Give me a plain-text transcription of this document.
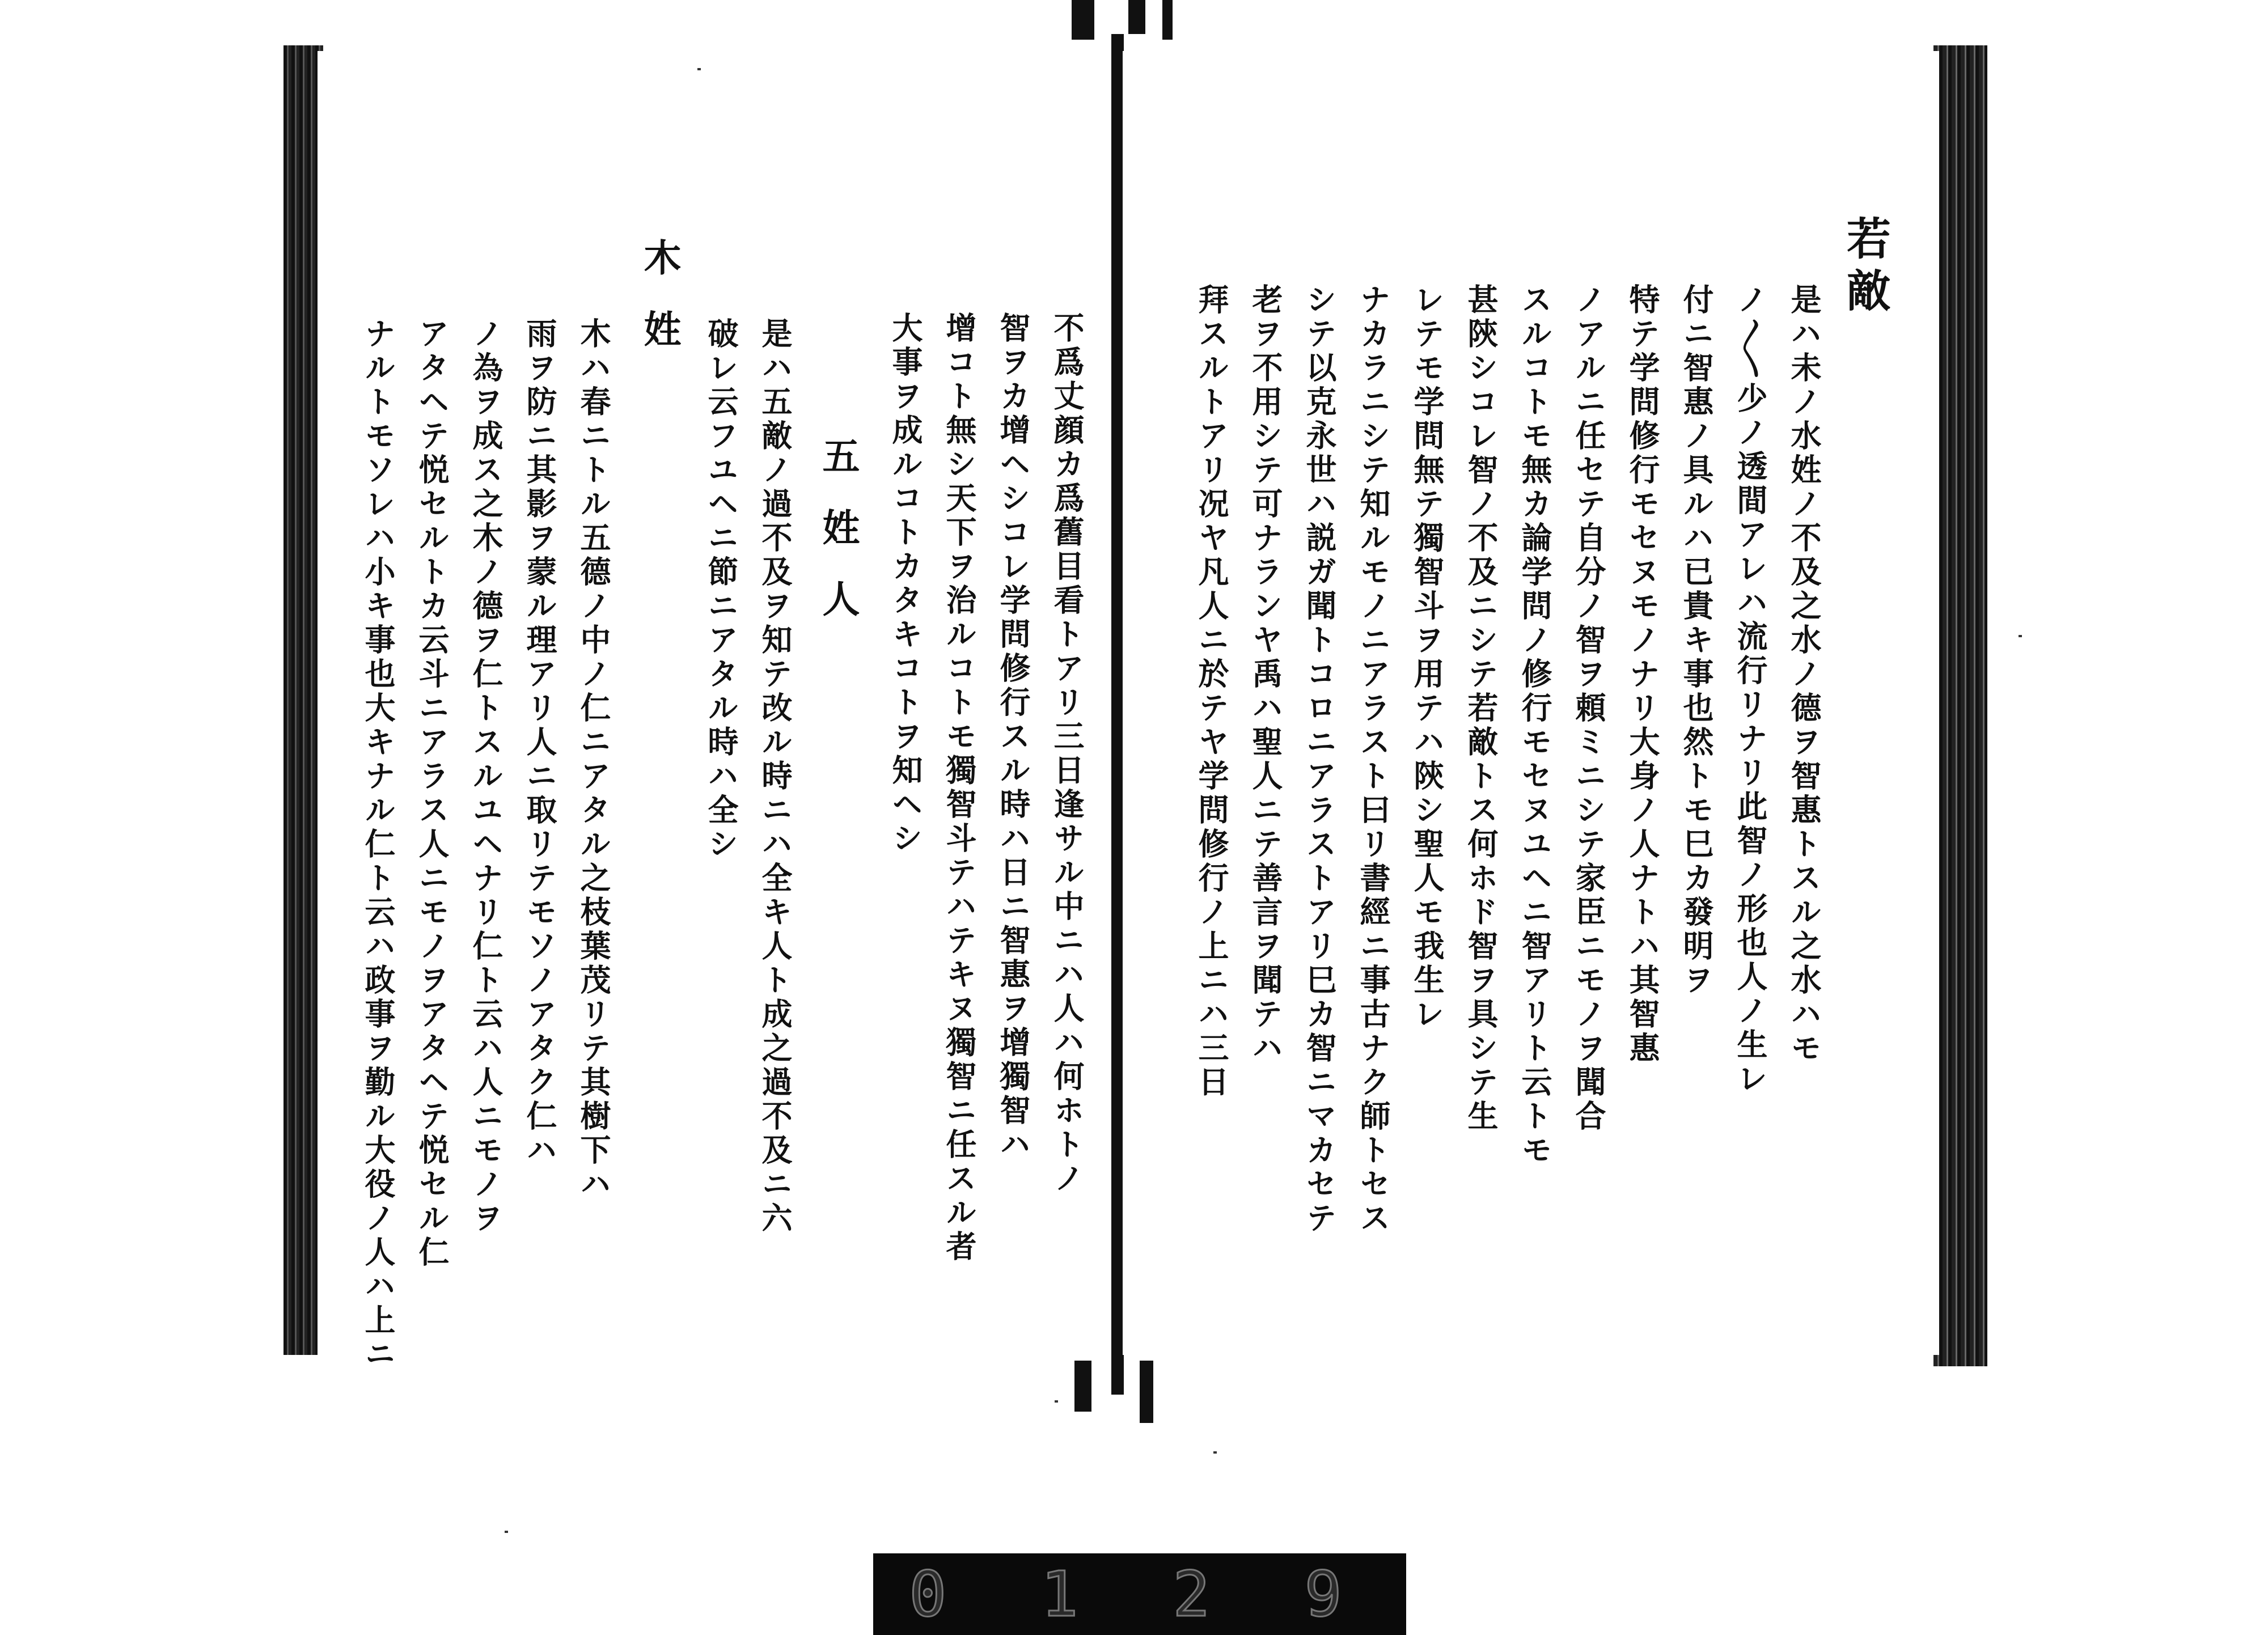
若敵
是ハ未ノ水姓ノ不及之水ノ德ヲ智惠トスル之水ハモ
ノ〳〵少ノ透間アレハ流行リナリ此智ノ形也人ノ生レ
付ニ智惠ノ具ルハ已貴キ事也然トモ巳カ發明ヲ
特テ学問修行モセヌモノナリ大身ノ人ナトハ其智惠
ノアルニ任セテ自分ノ智ヲ頼ミニシテ家臣ニモノヲ聞合
スルコトモ無カ論学問ノ修行モセヌユヘニ智アリト云トモ
甚陝シコレ智ノ不及ニシテ若敵トス何ホド智ヲ具シテ生
レテモ学問無テ獨智斗ヲ用テハ陝シ聖人モ我生レ
ナカラニシテ知ルモノニアラスト曰リ書經ニ事古ナク師トセス
シテ以克永世ハ説ガ聞トコロニアラストアリ巳カ智ニマカセテ
老ヲ不用シテ可ナランヤ禹ハ聖人ニテ善言ヲ聞テハ
拜スルトアリ况ヤ凡人ニ於テヤ学問修行ノ上ニハ三日
不爲丈顔カ爲舊目看トアリ三日逢サル中ニハ人ハ何ホトノ
智ヲカ增ヘシコレ学問修行スル時ハ日ニ智惠ヲ增獨智ハ
增コト無シ天下ヲ治ルコトモ獨智斗テハテキヌ獨智ニ任スル者
大事ヲ成ルコトカタキコトヲ知ヘシ
五姓人
是ハ五敵ノ過不及ヲ知テ改ル時ニハ全キ人ト成之過不及ニ六
破レ云フユヘニ節ニアタル時ハ全シ
木姓
木ハ春ニトル五德ノ中ノ仁ニアタル之枝葉茂リテ其樹下ハ
雨ヲ防ニ其影ヲ蒙ル理アリ人ニ取リテモソノアタク仁ハ
ノ為ヲ成ス之木ノ德ヲ仁トスルユヘナリ仁ト云ハ人ニモノヲ
アタヘテ悦セルトカ云斗ニアラス人ニモノヲアタヘテ悦セル仁
ナルトモソレハ小キ事也大キナル仁ト云ハ政事ヲ勤ル大役ノ人ハ上ニ
0 1 2 9
